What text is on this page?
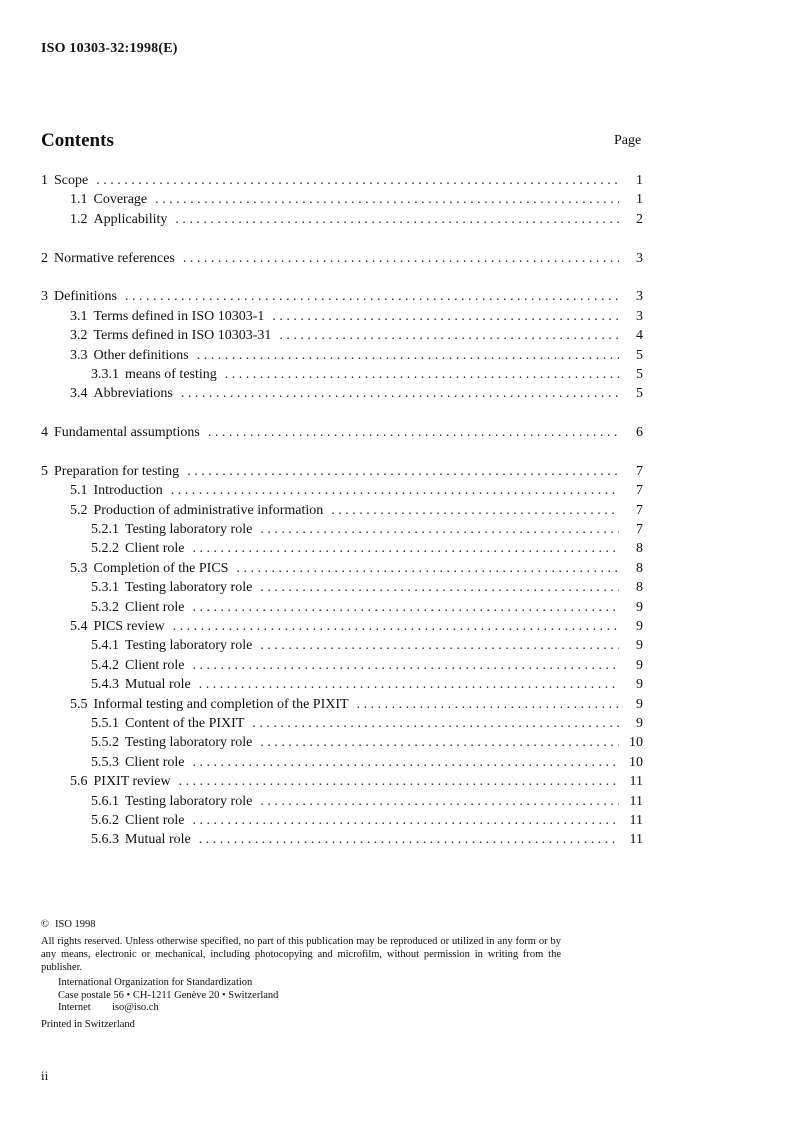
ISO 10303-32:1998(E)
Contents	Page
1 Scope . . .	1
1.1 Coverage . . .	1
1.2 Applicability . . .	2
2 Normative references . . .	3
3 Definitions . . .	3
3.1 Terms defined in ISO 10303-1 . . .	3
3.2 Terms defined in ISO 10303-31 . . .	4
3.3 Other definitions . . .	5
3.3.1 means of testing . . .	5
3.4 Abbreviations . . .	5
4 Fundamental assumptions . . .	6
5 Preparation for testing . . .	7
5.1 Introduction . . .	7
5.2 Production of administrative information . . .	7
5.2.1 Testing laboratory role . . .	7
5.2.2 Client role . . .	8
5.3 Completion of the PICS . . .	8
5.3.1 Testing laboratory role . . .	8
5.3.2 Client role . . .	9
5.4 PICS review . . .	9
5.4.1 Testing laboratory role . . .	9
5.4.2 Client role . . .	9
5.4.3 Mutual role . . .	9
5.5 Informal testing and completion of the PIXIT . . .	9
5.5.1 Content of the PIXIT . . .	9
5.5.2 Testing laboratory role . . .	10
5.5.3 Client role . . .	10
5.6 PIXIT review . . .	11
5.6.1 Testing laboratory role . . .	11
5.6.2 Client role . . .	11
5.6.3 Mutual role . . .	11

© ISO 1998

All rights reserved. Unless otherwise specified, no part of this publication may be reproduced or utilized in any form or by any means, electronic or mechanical, including photocopying and microfilm, without permission in writing from the publisher.

International Organization for Standardization
Case postale 56 • CH-1211 Genève 20 • Switzerland
Internet iso@iso.ch

Printed in Switzerland

ii
